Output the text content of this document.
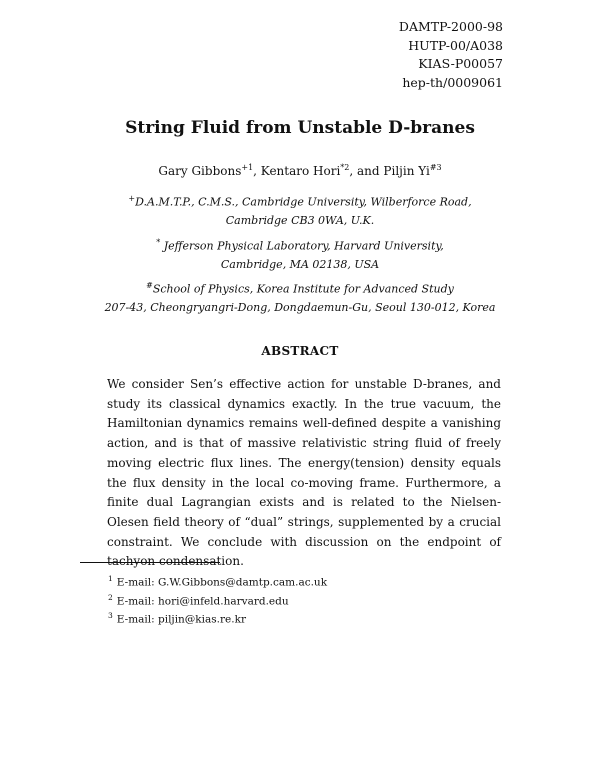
DAMTP-2000-98
HUTP-00/A038
KIAS-P00057
hep-th/0009061
String Fluid from Unstable D-branes
Gary Gibbons$^{+1}$, Kentaro Hori$^{*2}$, and Piljin Yi$^{\#3}$
+D.A.M.T.P., C.M.S., Cambridge University, Wilberforce Road,
Cambridge CB3 0WA, U.K.
* Jefferson Physical Laboratory, Harvard University,
Cambridge, MA 02138, USA
#School of Physics, Korea Institute for Advanced Study
207-43, Cheongryangri-Dong, Dongdaemun-Gu, Seoul 130-012, Korea
ABSTRACT
We consider Sen’s effective action for unstable D-branes, and study its classical dynamics exactly. In the true vacuum, the Hamiltonian dynamics remains well-defined despite a vanishing action, and is that of massive relativistic string fluid of freely moving electric flux lines. The energy(tension) density equals the flux density in the local co-moving frame. Furthermore, a finite dual Lagrangian exists and is related to the Nielsen-Olesen field theory of “dual” strings, supplemented by a crucial constraint. We conclude with discussion on the endpoint of tachyon condensation.
$^1$ E-mail: G.W.Gibbons@damtp.cam.ac.uk
$^2$ E-mail: hori@infeld.harvard.edu
$^3$ E-mail: piljin@kias.re.kr
